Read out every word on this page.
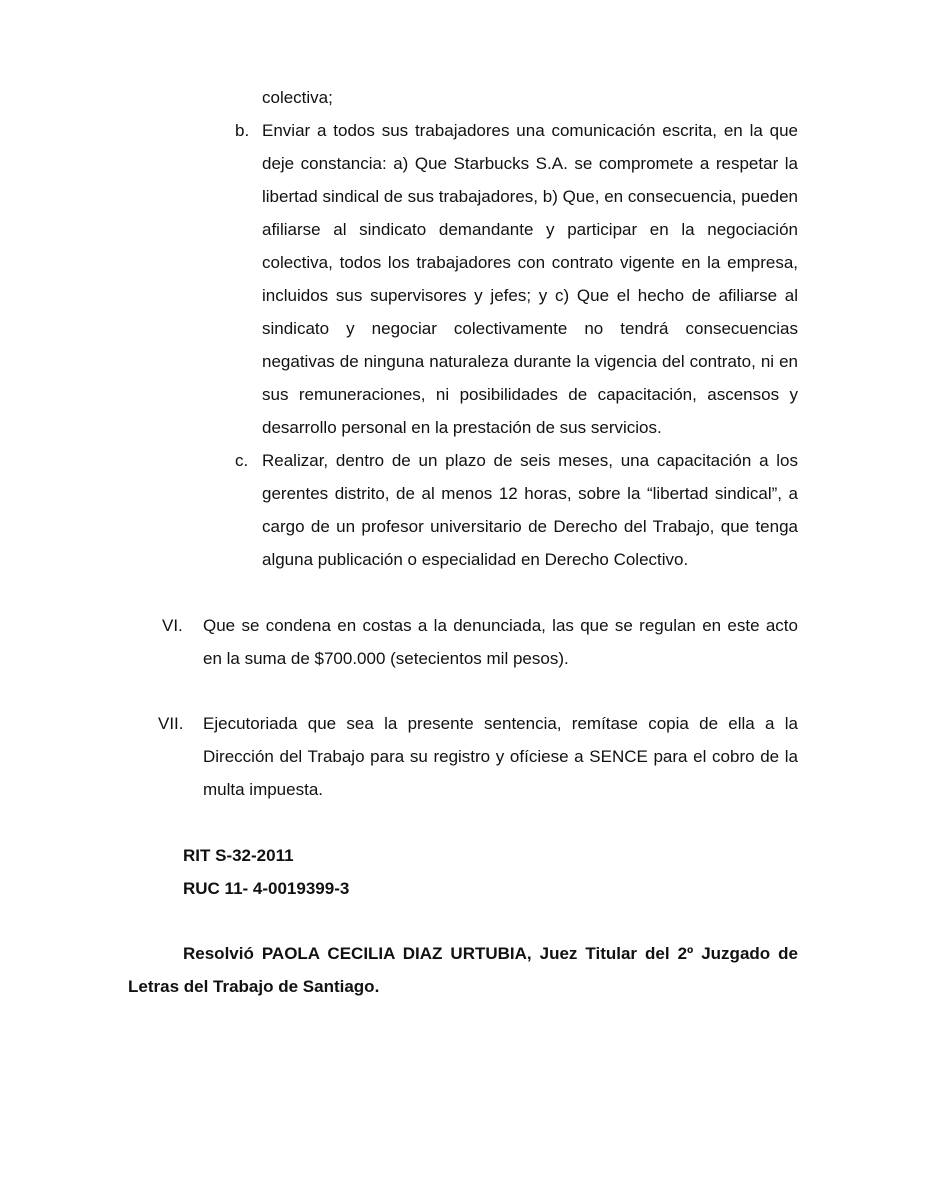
colectiva;
b. Enviar a todos sus trabajadores una comunicación escrita, en la que deje constancia: a) Que Starbucks S.A. se compromete a respetar la libertad sindical de sus trabajadores, b) Que, en consecuencia, pueden afiliarse al sindicato demandante y participar en la negociación colectiva, todos los trabajadores con contrato vigente en la empresa, incluidos sus supervisores y jefes; y c) Que el hecho de afiliarse al sindicato y negociar colectivamente no tendrá consecuencias negativas de ninguna naturaleza durante la vigencia del contrato, ni en sus remuneraciones, ni posibilidades de capacitación, ascensos y desarrollo personal en la prestación de sus servicios.
c. Realizar, dentro de un plazo de seis meses, una capacitación a los gerentes distrito, de al menos 12 horas, sobre la “libertad sindical”, a cargo de un profesor universitario de Derecho del Trabajo, que tenga alguna publicación o especialidad en Derecho Colectivo.
VI. Que se condena en costas a la denunciada, las que se regulan en este acto en la suma de $700.000 (setecientos mil pesos).
VII. Ejecutoriada que sea la presente sentencia, remítase copia de ella a la Dirección del Trabajo para su registro y ofíciese a SENCE para el cobro de la multa impuesta.
RIT S-32-2011
RUC 11- 4-0019399-3
Resolvió PAOLA CECILIA DIAZ URTUBIA, Juez Titular del 2º Juzgado de Letras del Trabajo de Santiago.
